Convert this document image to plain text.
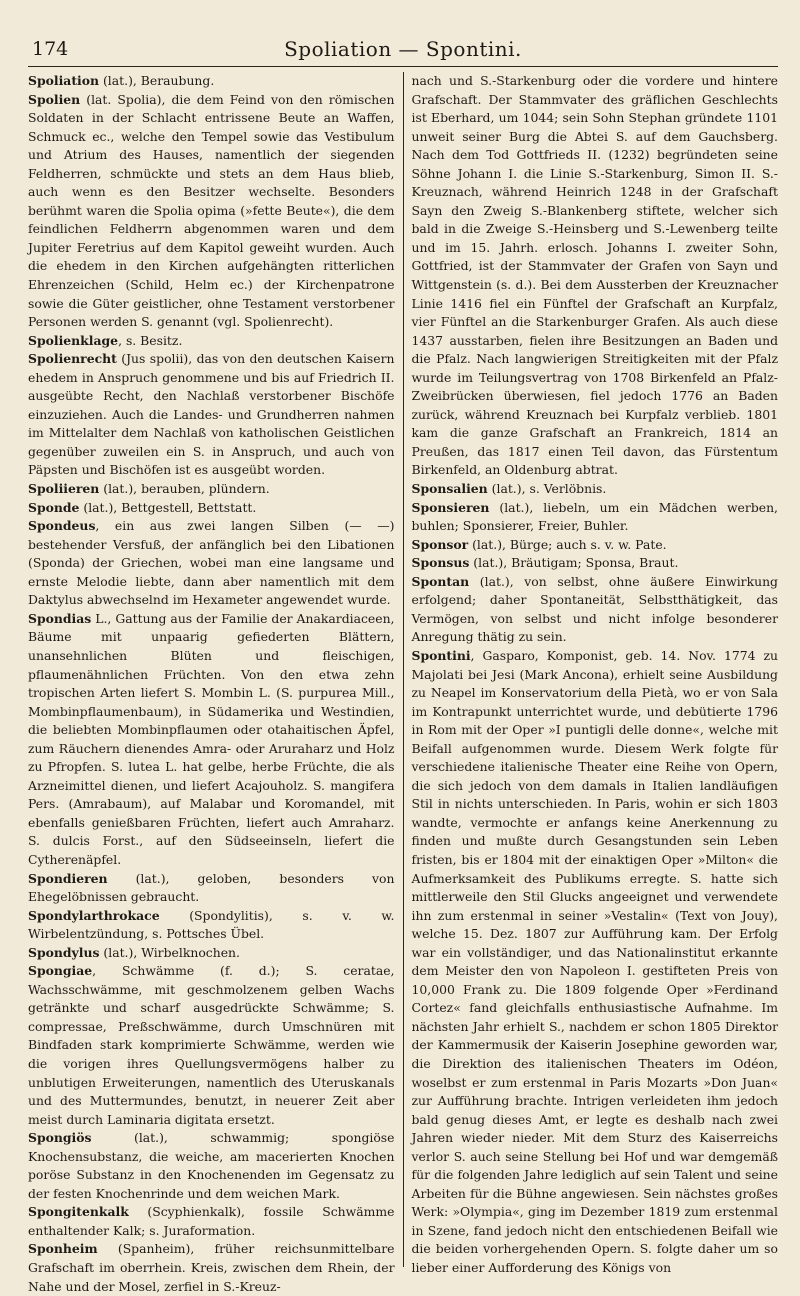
174	Spoliation — Spontini.

Spoliation (lat.), Beraubung.

Spolien (lat. Spolia), die dem Feind von den römischen Soldaten in der Schlacht entrissene Beute an Waffen, Schmuck ec., welche den Tempel sowie das Vestibulum und Atrium des Hauses, namentlich der siegenden Feldherren, schmückte und stets an dem Haus blieb, auch wenn es den Besitzer wechselte. Besonders berühmt waren die Spolia opima (»fette Beute«), die dem feindlichen Feldherrn abgenommen waren und dem Jupiter Feretrius auf dem Kapitol geweiht wurden. Auch die ehedem in den Kirchen aufgehängten ritterlichen Ehrenzeichen (Schild, Helm ec.) der Kirchenpatrone sowie die Güter geistlicher, ohne Testament verstorbener Personen werden S. genannt (vgl. Spolienrecht).

Spolienklage, s. Besitz.

Spolienrecht (Jus spolii), das von den deutschen Kaisern ehedem in Anspruch genommene und bis auf Friedrich II. ausgeübte Recht, den Nachlaß verstorbener Bischöfe einzuziehen. Auch die Landes- und Grundherren nahmen im Mittelalter dem Nachlaß von katholischen Geistlichen gegenüber zuweilen ein S. in Anspruch, und auch von Päpsten und Bischöfen ist es ausgeübt worden.

Spoliieren (lat.), berauben, plündern.

Sponde (lat.), Bettgestell, Bettstatt.

Spondeus, ein aus zwei langen Silben (— —) bestehender Versfuß, der anfänglich bei den Libationen (Sponda) der Griechen, wobei man eine langsame und ernste Melodie liebte, dann aber namentlich mit dem Daktylus abwechselnd im Hexameter angewendet wurde.

Spondias L., Gattung aus der Familie der Anakardiaceen, Bäume mit unpaarig gefiederten Blättern, unansehnlichen Blüten und fleischigen, pflaumenähnlichen Früchten. Von den etwa zehn tropischen Arten liefert S. Mombin L. (S. purpurea Mill., Mombinpflaumenbaum), in Südamerika und Westindien, die beliebten Mombinpflaumen oder otahaitischen Äpfel, zum Räuchern dienendes Amra- oder Aruraharz und Holz zu Pfropfen. S. lutea L. hat gelbe, herbe Früchte, die als Arzneimittel dienen, und liefert Acajouholz. S. mangifera Pers. (Amrabaum), auf Malabar und Koromandel, mit ebenfalls genießbaren Früchten, liefert auch Amraharz. S. dulcis Forst., auf den Südseeinseln, liefert die Cytherenäpfel.

Spondieren (lat.), geloben, besonders von Ehegelöbnissen gebraucht.

Spondylarthrokace (Spondylitis), s. v. w. Wirbelentzündung, s. Pottsches Übel.

Spondylus (lat.), Wirbelknochen.

Spongiae, Schwämme (f. d.); S. ceratae, Wachsschwämme, mit geschmolzenem gelben Wachs getränkte und scharf ausgedrückte Schwämme; S. compressae, Preßschwämme, durch Umschnüren mit Bindfaden stark komprimierte Schwämme, werden wie die vorigen ihres Quellungsvermögens halber zu unblutigen Erweiterungen, namentlich des Uteruskanals und des Muttermundes, benutzt, in neuerer Zeit aber meist durch Laminaria digitata ersetzt.

Spongiös (lat.), schwammig; spongiöse Knochensubstanz, die weiche, am macerierten Knochen poröse Substanz in den Knochenenden im Gegensatz zu der festen Knochenrinde und dem weichen Mark.

Spongitenkalk (Scyphienkalk), fossile Schwämme enthaltender Kalk; s. Juraformation.

Sponheim (Spanheim), früher reichsunmittelbare Grafschaft im oberrhein. Kreis, zwischen dem Rhein, der Nahe und der Mosel, zerfiel in S.-Kreuz-

nach und S.-Starkenburg oder die vordere und hintere Grafschaft. Der Stammvater des gräflichen Geschlechts ist Eberhard, um 1044; sein Sohn Stephan gründete 1101 unweit seiner Burg die Abtei S. auf dem Gauchsberg. Nach dem Tod Gottfrieds II. (1232) begründeten seine Söhne Johann I. die Linie S.-Starkenburg, Simon II. S.-Kreuznach, während Heinrich 1248 in der Grafschaft Sayn den Zweig S.-Blankenberg stiftete, welcher sich bald in die Zweige S.-Heinsberg und S.-Lewenberg teilte und im 15. Jahrh. erlosch. Johanns I. zweiter Sohn, Gottfried, ist der Stammvater der Grafen von Sayn und Wittgenstein (s. d.). Bei dem Aussterben der Kreuznacher Linie 1416 fiel ein Fünftel der Grafschaft an Kurpfalz, vier Fünftel an die Starkenburger Grafen. Als auch diese 1437 ausstarben, fielen ihre Besitzungen an Baden und die Pfalz. Nach langwierigen Streitigkeiten mit der Pfalz wurde im Teilungsvertrag von 1708 Birkenfeld an Pfalz-Zweibrücken überwiesen, fiel jedoch 1776 an Baden zurück, während Kreuznach bei Kurpfalz verblieb. 1801 kam die ganze Grafschaft an Frankreich, 1814 an Preußen, das 1817 einen Teil davon, das Fürstentum Birkenfeld, an Oldenburg abtrat.

Sponsalien (lat.), s. Verlöbnis.

Sponsieren (lat.), liebeln, um ein Mädchen werben, buhlen; Sponsierer, Freier, Buhler.

Sponsor (lat.), Bürge; auch s. v. w. Pate.

Sponsus (lat.), Bräutigam; Sponsa, Braut.

Spontan (lat.), von selbst, ohne äußere Einwirkung erfolgend; daher Spontaneität, Selbstthätigkeit, das Vermögen, von selbst und nicht infolge besonderer Anregung thätig zu sein.

Spontini, Gasparo, Komponist, geb. 14. Nov. 1774 zu Majolati bei Jesi (Mark Ancona), erhielt seine Ausbildung zu Neapel im Konservatorium della Pietà, wo er von Sala im Kontrapunkt unterrichtet wurde, und debütierte 1796 in Rom mit der Oper »I puntigli delle donne«, welche mit Beifall aufgenommen wurde. Diesem Werk folgte für verschiedene italienische Theater eine Reihe von Opern, die sich jedoch von dem damals in Italien landläufigen Stil in nichts unterschieden. In Paris, wohin er sich 1803 wandte, vermochte er anfangs keine Anerkennung zu finden und mußte durch Gesangstunden sein Leben fristen, bis er 1804 mit der einaktigen Oper »Milton« die Aufmerksamkeit des Publikums erregte. S. hatte sich mittlerweile den Stil Glucks angeeignet und verwendete ihn zum erstenmal in seiner »Vestalin« (Text von Jouy), welche 15. Dez. 1807 zur Aufführung kam. Der Erfolg war ein vollständiger, und das Nationalinstitut erkannte dem Meister den von Napoleon I. gestifteten Preis von 10,000 Frank zu. Die 1809 folgende Oper »Ferdinand Cortez« fand gleichfalls enthusiastische Aufnahme. Im nächsten Jahr erhielt S., nachdem er schon 1805 Direktor der Kammermusik der Kaiserin Josephine geworden war, die Direktion des italienischen Theaters im Odéon, woselbst er zum erstenmal in Paris Mozarts »Don Juan« zur Aufführung brachte. Intrigen verleideten ihm jedoch bald genug dieses Amt, er legte es deshalb nach zwei Jahren wieder nieder. Mit dem Sturz des Kaiserreichs verlor S. auch seine Stellung bei Hof und war demgemäß für die folgenden Jahre lediglich auf sein Talent und seine Arbeiten für die Bühne angewiesen. Sein nächstes großes Werk: »Olympia«, ging im Dezember 1819 zum erstenmal in Szene, fand jedoch nicht den entschiedenen Beifall wie die beiden vorhergehenden Opern. S. folgte daher um so lieber einer Aufforderung des Königs von
